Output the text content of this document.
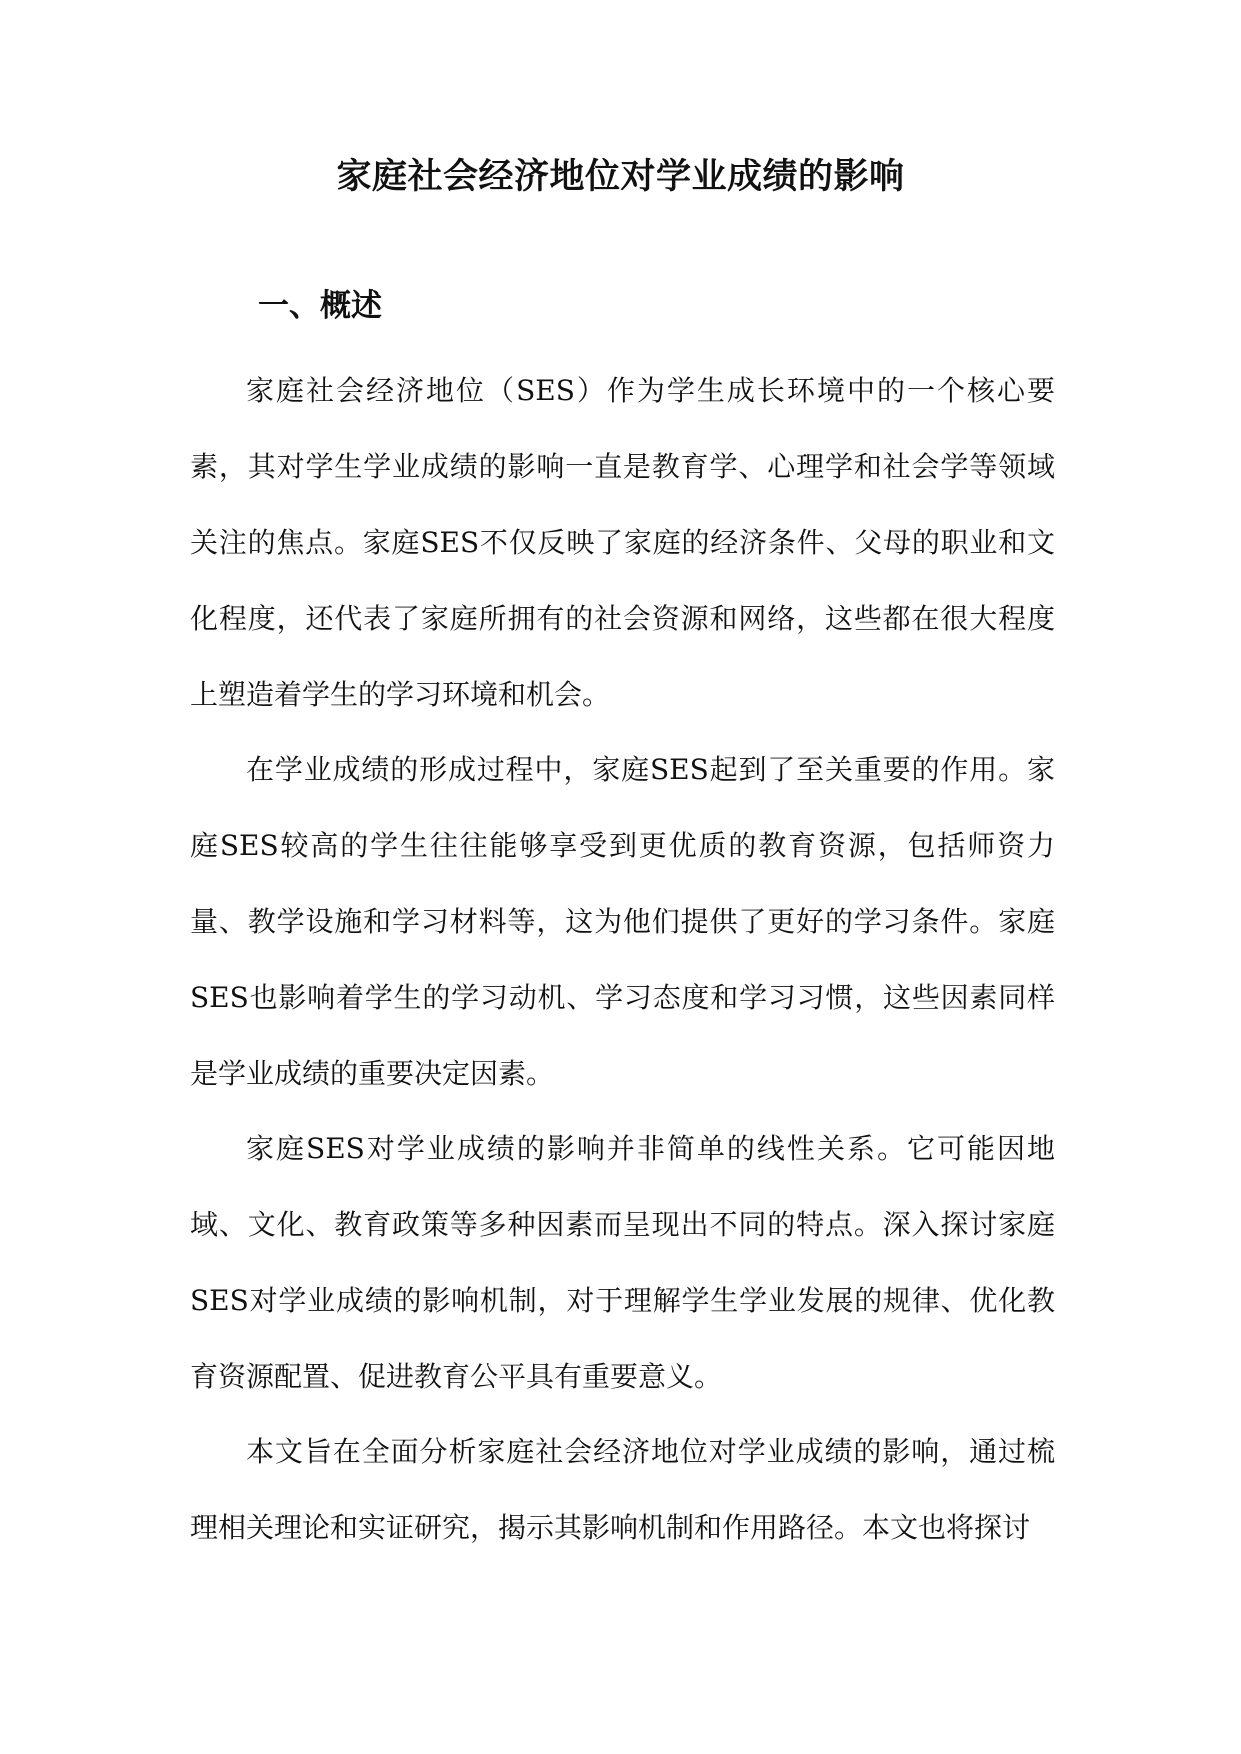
家庭社会经济地位对学业成绩的影响
一、概述

家庭社会经济地位（SES）作为学生成长环境中的一个核心要素，其对学生学业成绩的影响一直是教育学、心理学和社会学等领域关注的焦点。家庭SES不仅反映了家庭的经济条件、父母的职业和文化程度，还代表了家庭所拥有的社会资源和网络，这些都在很大程度上塑造着学生的学习环境和机会。

在学业成绩的形成过程中，家庭SES起到了至关重要的作用。家庭SES较高的学生往往能够享受到更优质的教育资源，包括师资力量、教学设施和学习材料等，这为他们提供了更好的学习条件。家庭SES也影响着学生的学习动机、学习态度和学习习惯，这些因素同样是学业成绩的重要决定因素。

家庭SES对学业成绩的影响并非简单的线性关系。它可能因地域、文化、教育政策等多种因素而呈现出不同的特点。深入探讨家庭SES对学业成绩的影响机制，对于理解学生学业发展的规律、优化教育资源配置、促进教育公平具有重要意义。

本文旨在全面分析家庭社会经济地位对学业成绩的影响，通过梳理相关理论和实证研究，揭示其影响机制和作用路径。本文也将探讨
